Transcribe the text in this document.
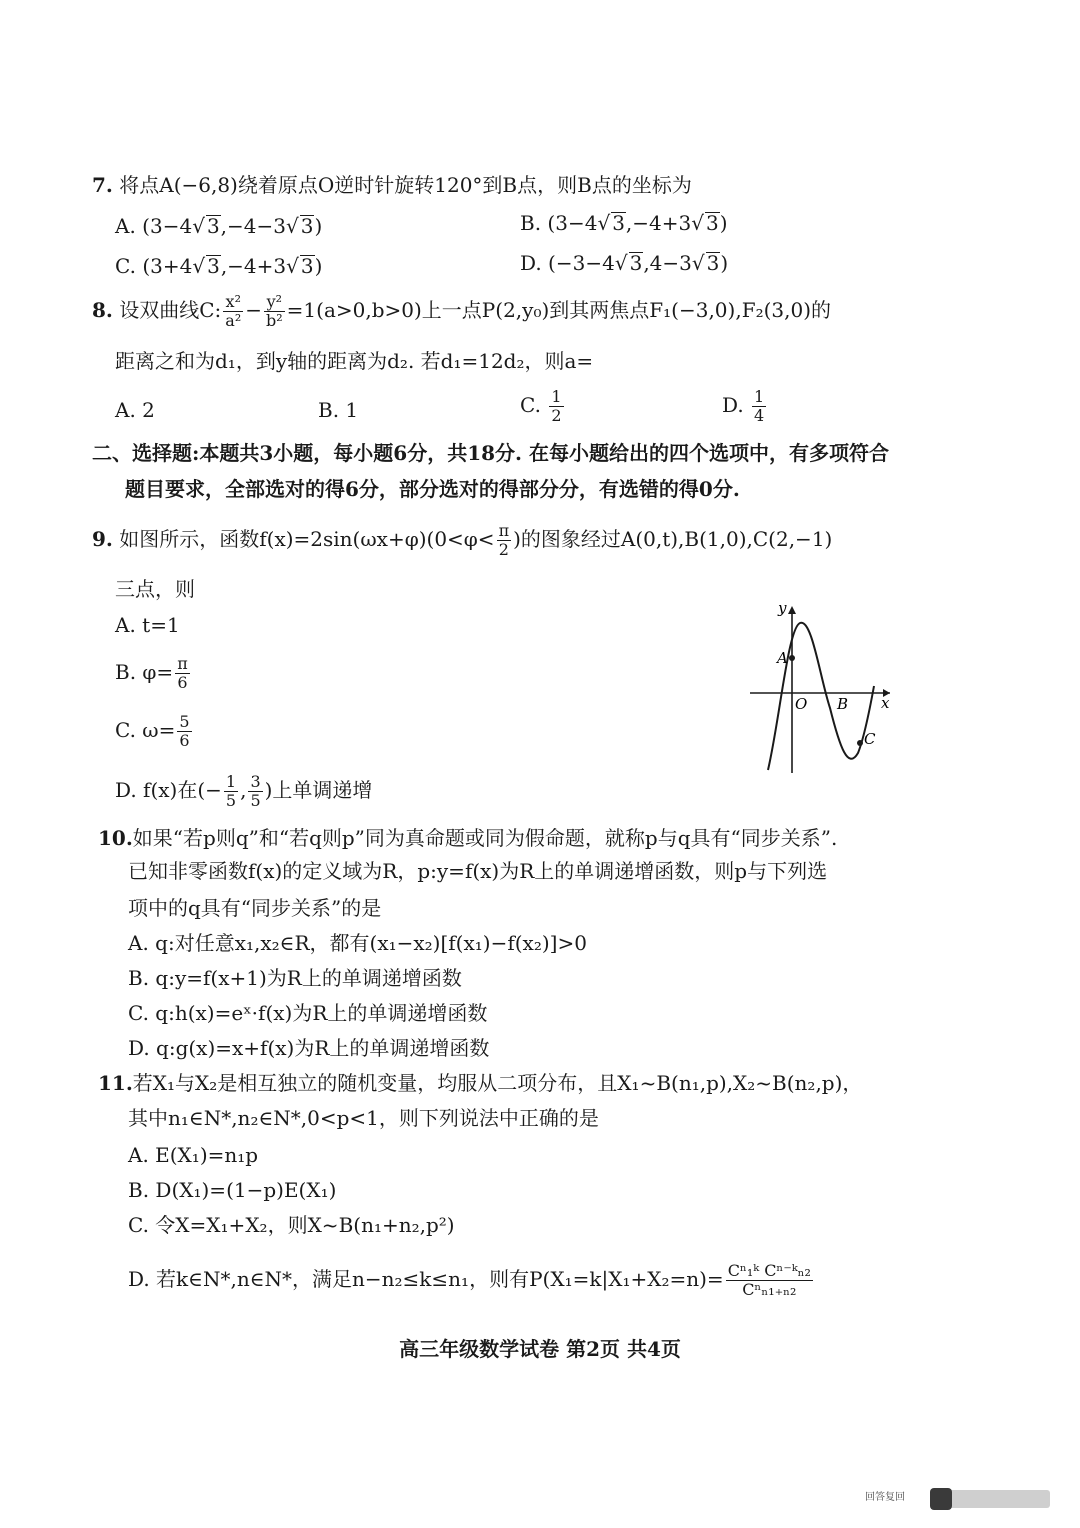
7. 将点A(−6,8)绕着原点O逆时针旋转120°到B点，则B点的坐标为
A. (3−4√ 3,−4−3√ 3)	B. (3−4√ 3,−4+3√ 3)
C. (3+4√ 3,−4+3√ 3)	D. (−3−4√ 3,4−3√ 3)
8. 设双曲线C: $\frac{\text{x²}}{\text{a²}} - \frac{\text{y²}}{\text{b²}} =1(a>0,b>0)$上一点P(2,y₀)到其两焦点F₁(−3,0),F₂(3,0)的
距离之和为d₁，到y轴的距离为d₂. 若d₁=12d₂，则a=
A. 2	B. 1	C. $\frac{1}{2}$	D. $\frac{1}{4}$
二、选择题:本题共3小题，每小题6分，共18分. 在每小题给出的四个选项中，有多项符合
题目要求，全部选对的得6分，部分选对的得部分分，有选错的得0分.
9. 如图所示，函数$f(x)=2\sin(\omega x+\varphi)(0<\varphi< \frac{\pi}{2}$ )的图象经过A(0,t),B(1,0),C(2,−1)
三点，则
A. t=1
B. $\varphi= \frac{\pi}{6}$
C. $\omega= \frac{5}{6}$
D. f(x)在(− $\frac{1}{5}$ , $\frac{3}{5}$ )上单调递增
y
x
O
A
B
C
10.如果“若p则q”和“若q则p”同为真命题或同为假命题，就称p与q具有“同步关系”.
已知非零函数f(x)的定义域为R，p:y=f(x)为R上的单调递增函数，则p与下列选
项中的q具有“同步关系”的是
A. q:对任意x₁,x₂∈R，都有(x₁−x₂)[f(x₁)−f(x₂)]>0
B. q:y=f(x+1)为R上的单调递增函数
C. q:h(x)=eˣ·f(x)为R上的单调递增函数
D. q:g(x)=x+f(x)为R上的单调递增函数
11.若X₁与X₂是相互独立的随机变量，均服从二项分布，且X₁~B(n₁,p),X₂~B(n₂,p)，
其中n₁∈N*,n₂∈N*,0<p<1，则下列说法中正确的是
A. E(X₁)=n₁p
B. D(X₁)=(1−p)E(X₁)
C. 令X=X₁+X₂，则X~B(n₁+n₂,p²)
D. 若k∈N*,n∈N*，满足n−n₂≤k≤n₁，则有$P(X_1=k|X_1+X_2=n)= \frac{\text{Cⁿ₁ᵏ Cⁿ⁻ᵏₙ₂}}{\text{Cⁿₙ₁₊ₙ₂}}$
高三年级数学试卷 第2页 共4页
回答复回
